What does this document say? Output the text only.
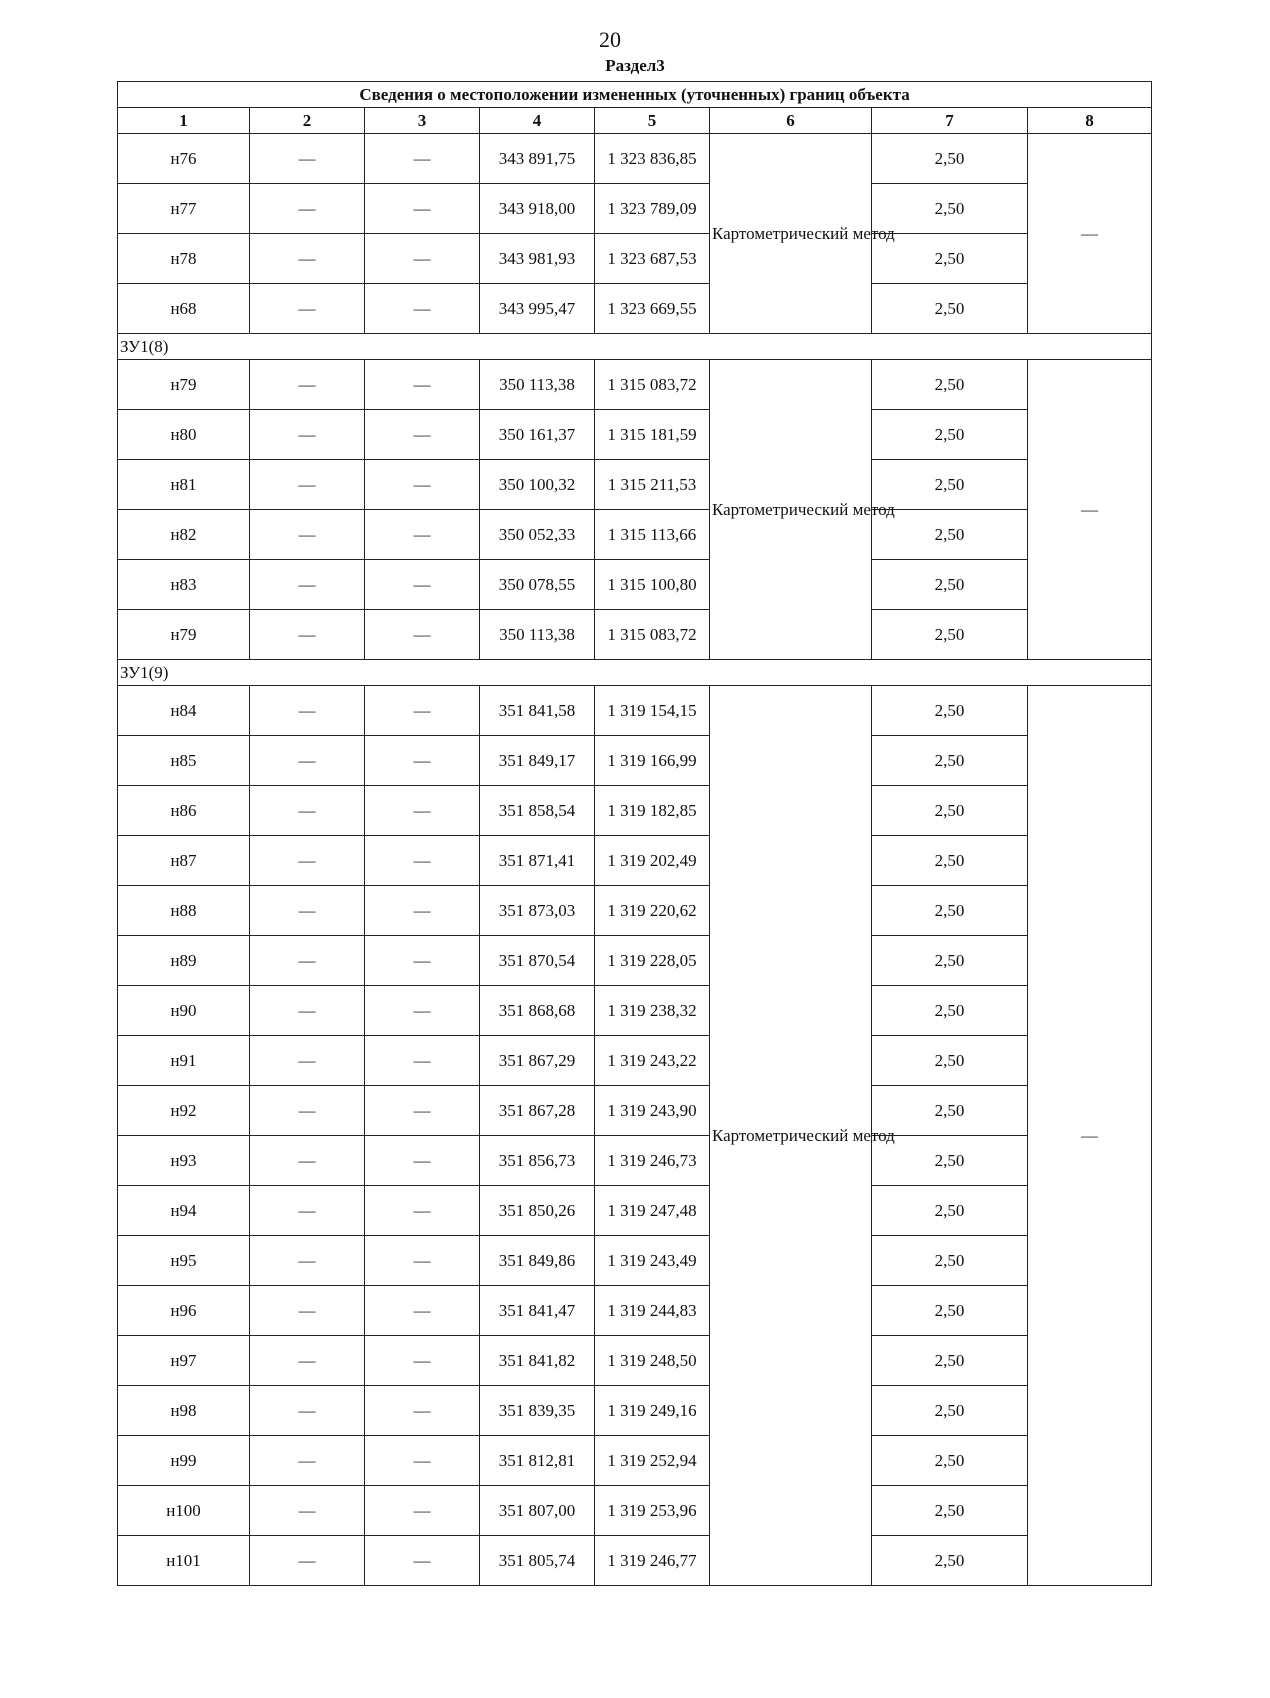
20
Раздел3
Сведения о местоположении измененных (уточненных) границ объекта							
1	2	3	4	5	6	7	8
н76	—	—	343 891,75	1 323 836,85	Картометрический метод	2,50	—
н77	—	—	343 918,00	1 323 789,09		2,50	
н78	—	—	343 981,93	1 323 687,53		2,50	
н68	—	—	343 995,47	1 323 669,55		2,50	
ЗУ1(8)							
н79	—	—	350 113,38	1 315 083,72	Картометрический метод	2,50	—
н80	—	—	350 161,37	1 315 181,59		2,50	
н81	—	—	350 100,32	1 315 211,53		2,50	
н82	—	—	350 052,33	1 315 113,66		2,50	
н83	—	—	350 078,55	1 315 100,80		2,50	
н79	—	—	350 113,38	1 315 083,72		2,50	
ЗУ1(9)							
н84	—	—	351 841,58	1 319 154,15	Картометрический метод	2,50	—
н85	—	—	351 849,17	1 319 166,99		2,50	
н86	—	—	351 858,54	1 319 182,85		2,50	
н87	—	—	351 871,41	1 319 202,49		2,50	
н88	—	—	351 873,03	1 319 220,62		2,50	
н89	—	—	351 870,54	1 319 228,05		2,50	
н90	—	—	351 868,68	1 319 238,32		2,50	
н91	—	—	351 867,29	1 319 243,22		2,50	
н92	—	—	351 867,28	1 319 243,90		2,50	
н93	—	—	351 856,73	1 319 246,73		2,50	
н94	—	—	351 850,26	1 319 247,48		2,50	
н95	—	—	351 849,86	1 319 243,49		2,50	
н96	—	—	351 841,47	1 319 244,83		2,50	
н97	—	—	351 841,82	1 319 248,50		2,50	
н98	—	—	351 839,35	1 319 249,16		2,50	
н99	—	—	351 812,81	1 319 252,94		2,50	
н100	—	—	351 807,00	1 319 253,96		2,50	
н101	—	—	351 805,74	1 319 246,77		2,50	
